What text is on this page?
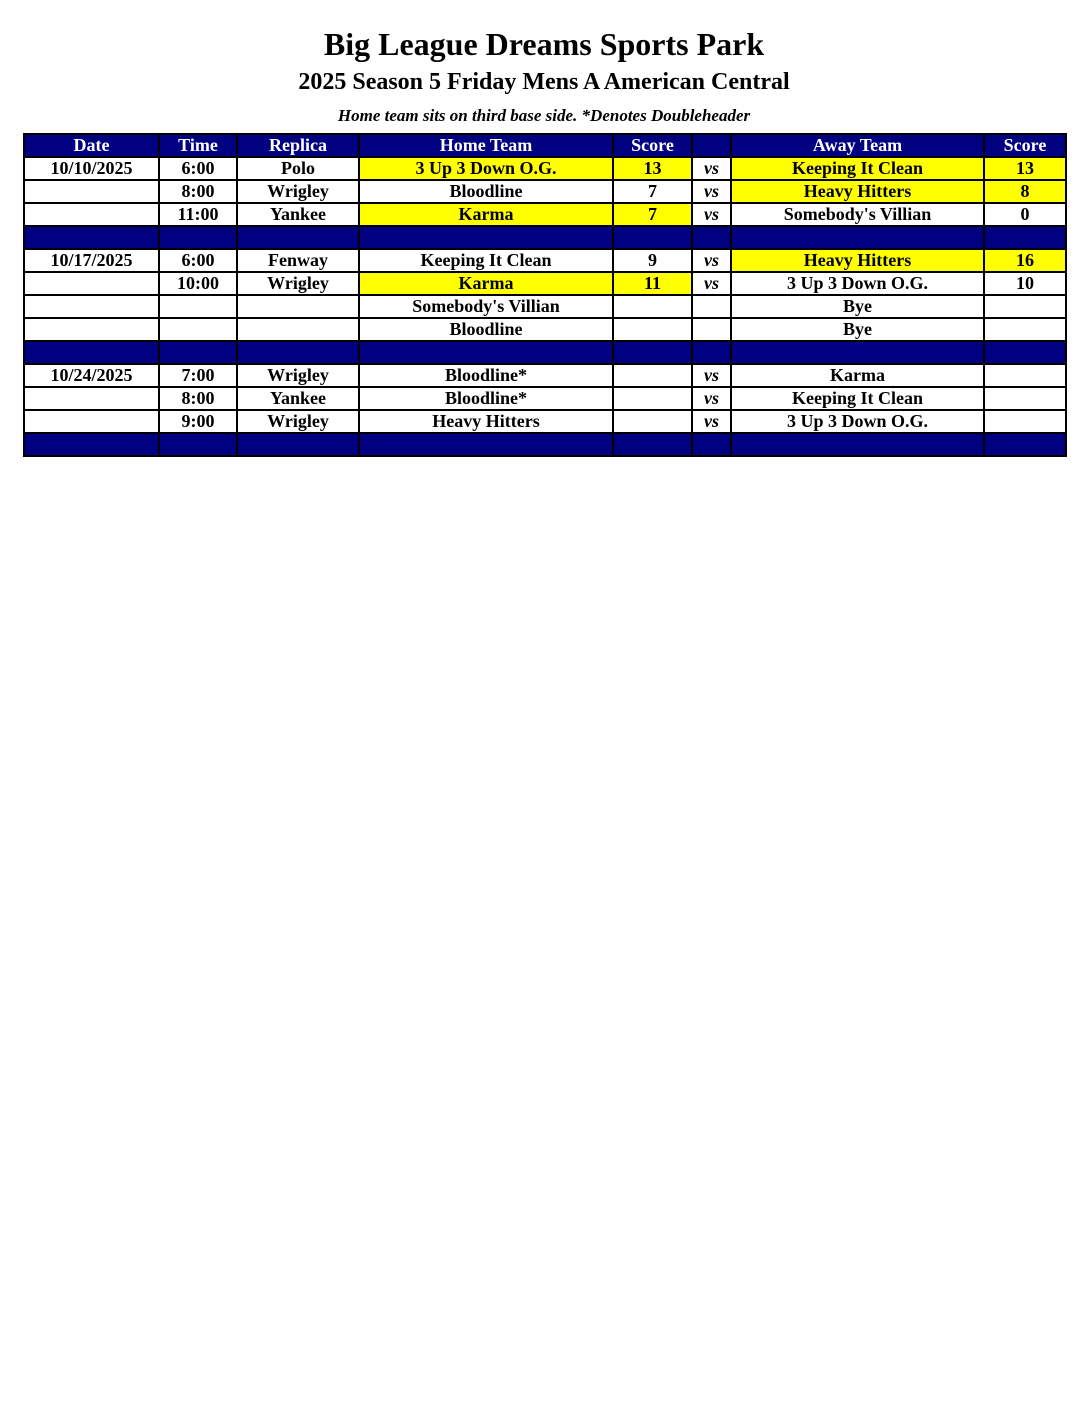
Big League Dreams Sports Park
2025 Season 5 Friday Mens A American Central
Home team sits on third base side. *Denotes Doubleheader
Date	Time	Replica	Home Team	Score		Away Team	Score
10/10/2025	6:00	Polo	3 Up 3 Down O.G.	13	vs	Keeping It Clean	13
	8:00	Wrigley	Bloodline	7	vs	Heavy Hitters	8
	11:00	Yankee	Karma	7	vs	Somebody's Villian	0

10/17/2025	6:00	Fenway	Keeping It Clean	9	vs	Heavy Hitters	16
	10:00	Wrigley	Karma	11	vs	3 Up 3 Down O.G.	10
			Somebody's Villian			Bye	
			Bloodline			Bye	

10/24/2025	7:00	Wrigley	Bloodline*		vs	Karma	
	8:00	Yankee	Bloodline*		vs	Keeping It Clean	
	9:00	Wrigley	Heavy Hitters		vs	3 Up 3 Down O.G.	
